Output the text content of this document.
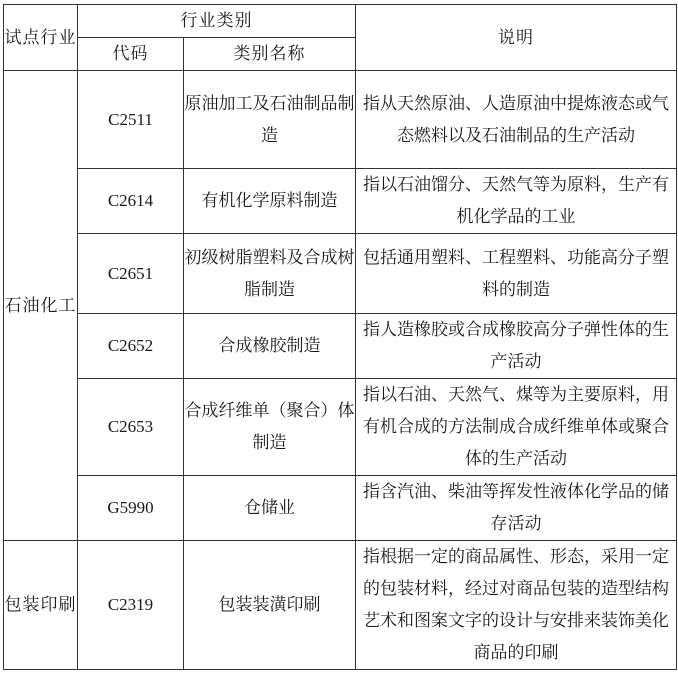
试点行业	行业类别		说明
	代码	类别名称	
石油化工	C2511	原油加工及石油制品制造	指从天然原油、人造原油中提炼液态或气态燃料以及石油制品的生产活动
	C2614	有机化学原料制造	指以石油馏分、天然气等为原料，生产有机化学品的工业
	C2651	初级树脂塑料及合成树脂制造	包括通用塑料、工程塑料、功能高分子塑料的制造
	C2652	合成橡胶制造	指人造橡胶或合成橡胶高分子弹性体的生产活动
	C2653	合成纤维单（聚合）体制造	指以石油、天然气、煤等为主要原料，用有机合成的方法制成合成纤维单体或聚合体的生产活动
	G5990	仓储业	指含汽油、柴油等挥发性液体化学品的储存活动
包装印刷	C2319	包装装潢印刷	指根据一定的商品属性、形态，采用一定的包装材料，经过对商品包装的造型结构艺术和图案文字的设计与安排来装饰美化商品的印刷
